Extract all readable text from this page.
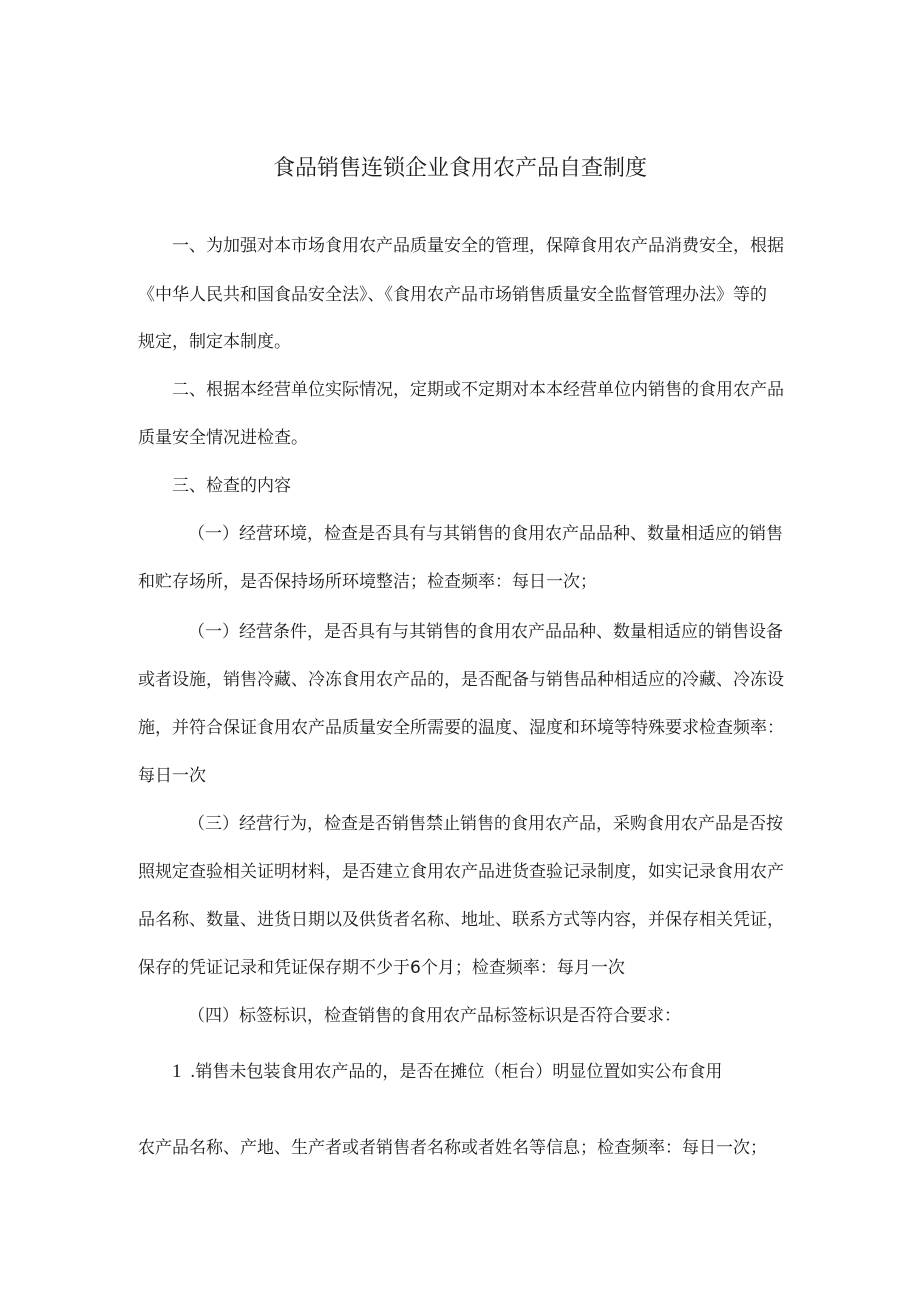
食品销售连锁企业食用农产品自查制度
一、为加强对本市场食用农产品质量安全的管理，保障食用农产品消费安全，根据
《中华人民共和国食品安全法》、《食用农产品市场销售质量安全监督管理办法》等的
规定，制定本制度。
二、根据本经营单位实际情况，定期或不定期对本本经营单位内销售的食用农产品
质量安全情况进检查。
三、检查的内容
（一）经营环境，检查是否具有与其销售的食用农产品品种、数量相适应的销售
和贮存场所，是否保持场所环境整洁；检查频率：每日一次；
（一）经营条件，是否具有与其销售的食用农产品品种、数量相适应的销售设备
或者设施，销售冷藏、冷冻食用农产品的，是否配备与销售品种相适应的冷藏、冷冻设
施，并符合保证食用农产品质量安全所需要的温度、湿度和环境等特殊要求检查频率：
每日一次
（三）经营行为，检查是否销售禁止销售的食用农产品，采购食用农产品是否按
照规定查验相关证明材料，是否建立食用农产品进货查验记录制度，如实记录食用农产
品名称、数量、进货日期以及供货者名称、地址、联系方式等内容，并保存相关凭证，
保存的凭证记录和凭证保存期不少于6个月；检查频率：每月一次
（四）标签标识，检查销售的食用农产品标签标识是否符合要求：
1 .销售未包装食用农产品的，是否在摊位（柜台）明显位置如实公布食用
农产品名称、产地、生产者或者销售者名称或者姓名等信息；检查频率：每日一次；
